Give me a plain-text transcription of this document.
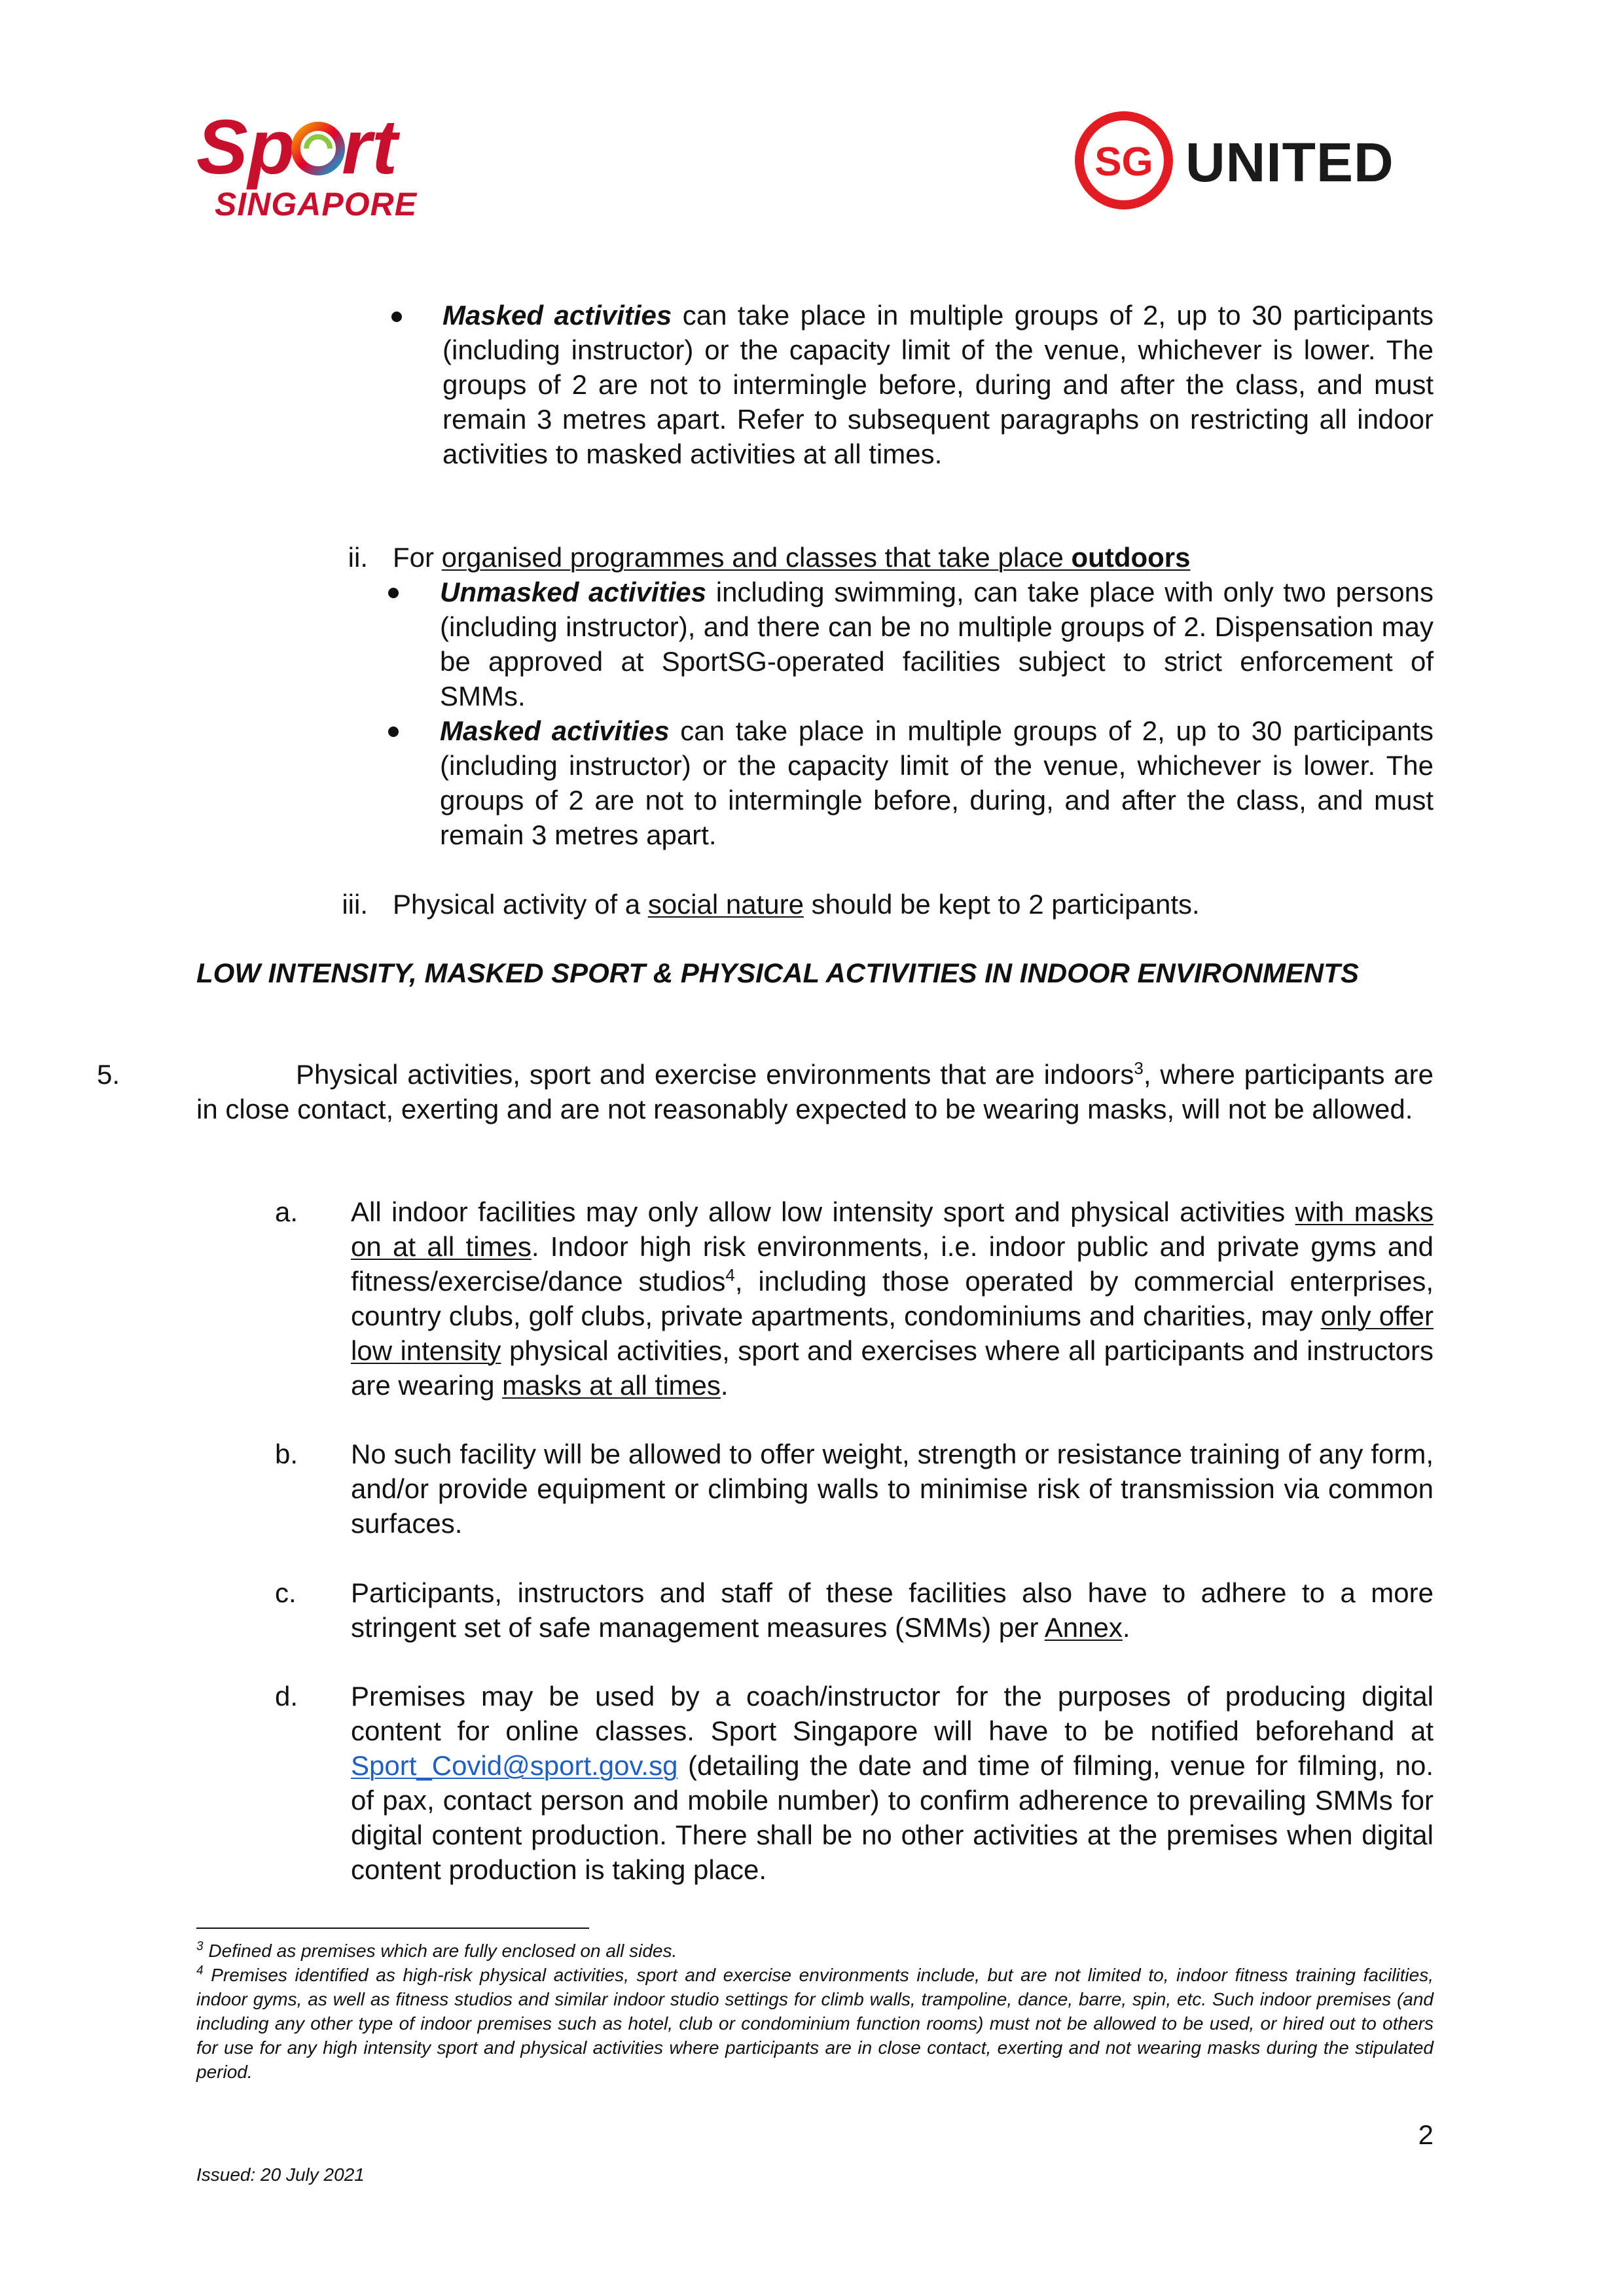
Sp rt
SINGAPORE
SG UNITED
Masked activities can take place in multiple groups of 2, up to 30 participants (including instructor) or the capacity limit of the venue, whichever is lower. The groups of 2 are not to intermingle before, during and after the class, and must remain 3 metres apart. Refer to subsequent paragraphs on restricting all indoor activities to masked activities at all times.
ii. For organised programmes and classes that take place outdoors
Unmasked activities including swimming, can take place with only two persons (including instructor), and there can be no multiple groups of 2. Dispensation may be approved at SportSG-operated facilities subject to strict enforcement of SMMs.
Masked activities can take place in multiple groups of 2, up to 30 participants (including instructor) or the capacity limit of the venue, whichever is lower. The groups of 2 are not to intermingle before, during, and after the class, and must remain 3 metres apart.
iii. Physical activity of a social nature should be kept to 2 participants.
LOW INTENSITY, MASKED SPORT & PHYSICAL ACTIVITIES IN INDOOR ENVIRONMENTS
5.	Physical activities, sport and exercise environments that are indoors$^3$, where participants are in close contact, exerting and are not reasonably expected to be wearing masks, will not be allowed.
a.	All indoor facilities may only allow low intensity sport and physical activities with masks on at all times. Indoor high risk environments, i.e. indoor public and private gyms and fitness/exercise/dance studios$^4$, including those operated by commercial enterprises, country clubs, golf clubs, private apartments, condominiums and charities, may only offer low intensity physical activities, sport and exercises where all participants and instructors are wearing masks at all times.
b.	No such facility will be allowed to offer weight, strength or resistance training of any form, and/or provide equipment or climbing walls to minimise risk of transmission via common surfaces.
c.	Participants, instructors and staff of these facilities also have to adhere to a more stringent set of safe management measures (SMMs) per Annex.
d.	Premises may be used by a coach/instructor for the purposes of producing digital content for online classes. Sport Singapore will have to be notified beforehand at Sport_Covid@sport.gov.sg (detailing the date and time of filming, venue for filming, no. of pax, contact person and mobile number) to confirm adherence to prevailing SMMs for digital content production. There shall be no other activities at the premises when digital content production is taking place.
$^3$ Defined as premises which are fully enclosed on all sides.
$^4$ Premises identified as high-risk physical activities, sport and exercise environments include, but are not limited to, indoor fitness training facilities, indoor gyms, as well as fitness studios and similar indoor studio settings for climb walls, trampoline, dance, barre, spin, etc. Such indoor premises (and including any other type of indoor premises such as hotel, club or condominium function rooms) must not be allowed to be used, or hired out to others for use for any high intensity sport and physical activities where participants are in close contact, exerting and not wearing masks during the stipulated period.
2
Issued: 20 July 2021
